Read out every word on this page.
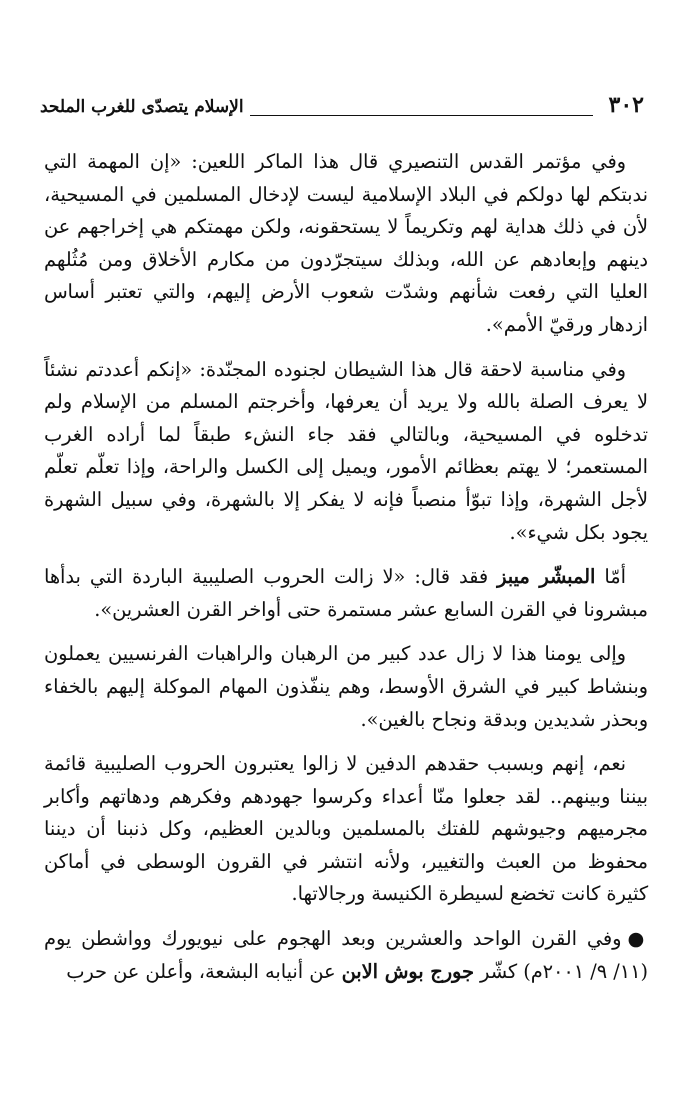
٣٠٢
الإسلام يتصدّى للغرب الملحد

وفي مؤتمر القدس التنصيري قال هذا الماكر اللعين: «إن المهمة التي ندبتكم لها دولكم في البلاد الإسلامية ليست لإدخال المسلمين في المسيحية، لأن في ذلك هداية لهم وتكريماً لا يستحقونه، ولكن مهمتكم هي إخراجهم عن دينهم وإبعادهم عن الله، وبذلك سيتجرّدون من مكارم الأخلاق ومن مُثُلهم العليا التي رفعت شأنهم وشدّت شعوب الأرض إليهم، والتي تعتبر أساس ازدهار ورقيّ الأمم».

وفي مناسبة لاحقة قال هذا الشيطان لجنوده المجنّدة: «إنكم أعددتم نشئاً لا يعرف الصلة بالله ولا يريد أن يعرفها، وأخرجتم المسلم من الإسلام ولم تدخلوه في المسيحية، وبالتالي فقد جاء النشء طبقاً لما أراده الغرب المستعمر؛ لا يهتم بعظائم الأمور، ويميل إلى الكسل والراحة، وإذا تعلّم تعلّم لأجل الشهرة، وإذا تبوّأ منصباً فإنه لا يفكر إلا بالشهرة، وفي سبيل الشهرة يجود بكل شيء».

أمّا المبشّر ميبز فقد قال: «لا زالت الحروب الصليبية الباردة التي بدأها مبشرونا في القرن السابع عشر مستمرة حتى أواخر القرن العشرين».

وإلى يومنا هذا لا زال عدد كبير من الرهبان والراهبات الفرنسيين يعملون وبنشاط كبير في الشرق الأوسط، وهم ينفّذون المهام الموكلة إليهم بالخفاء وبحذر شديدين وبدقة ونجاح بالغين».

نعم، إنهم وبسبب حقدهم الدفين لا زالوا يعتبرون الحروب الصليبية قائمة بيننا وبينهم.. لقد جعلوا منّا أعداء وكرسوا جهودهم وفكرهم ودهاتهم وأكابر مجرميهم وجيوشهم للفتك بالمسلمين وبالدين العظيم، وكل ذنبنا أن ديننا محفوظ من العبث والتغيير، ولأنه انتشر في القرون الوسطى في أماكن كثيرة كانت تخضع لسيطرة الكنيسة ورجالاتها.

●وفي القرن الواحد والعشرين وبعد الهجوم على نيويورك وواشطن يوم (١١/ ٩/ ٢٠٠١م) كشّر جورج بوش الابن عن أنيابه البشعة، وأعلن عن حرب
